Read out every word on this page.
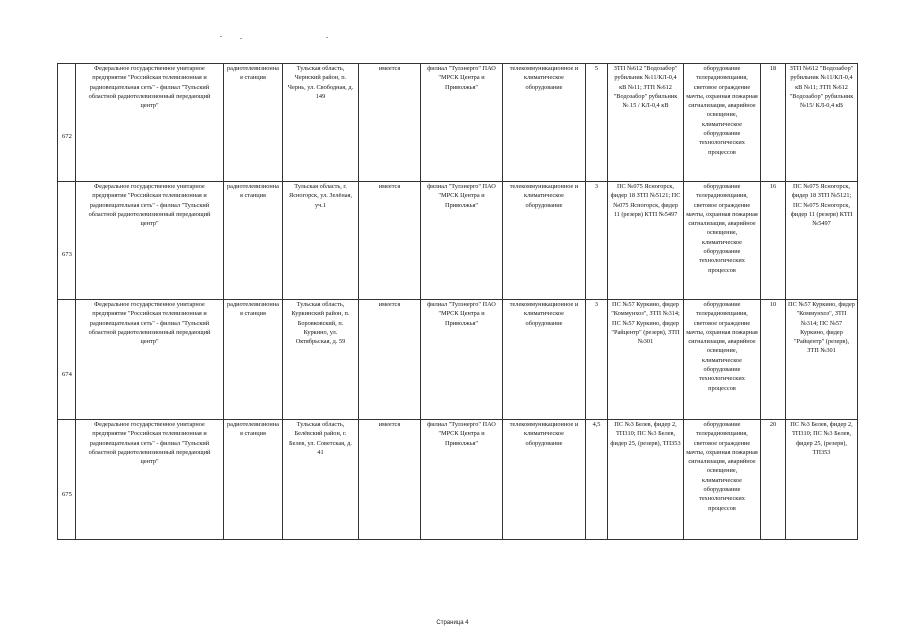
672	Федеральное государственное унитарное предприятие "Российская телевизионная и радиовещательная сеть" - филиал "Тульский областной радиотелевизионный передающий центр"	радиотелевизионная станция	Тульская область, Чернский район, п. Чернь, ул. Свободная, д. 149	имеется	филиал "Тулэнерго" ПАО "МРСК Центра и Приволжья"	телекоммуникационное и климатическое оборудование	5	ЗТП №612 "Водозабор" рубильник №11/КЛ-0,4 кВ №11; ЗТП №612 "Водозабор" рубильник № 15 / КЛ-0,4 кВ	оборудование телерадиовещания, световое ограждение мачты, охранная пожарная сигнализация, аварийное освещение, климатическое оборудование технологических процессов	18	ЗТП №612 "Водозабор" рубильник №11/КЛ-0,4 кВ №11; ЗТП №612 "Водозабор" рубильник №15/ КЛ-0,4 кВ
673	Федеральное государственное унитарное предприятие "Российская телевизионная и радиовещательная сеть" - филиал "Тульский областной радиотелевизионный передающий центр"	радиотелевизионная станция	Тульская область, г. Ясногорск, ул. Зелёная, уч.1	имеется	филиал "Тулэнерго" ПАО "МРСК Центра и Приволжья"	телекоммуникационное и климатическое оборудование	3	ПС №075 Ясногорск, фидер 18 ЗТП №5121; ПС №075 Ясногорск, фидер 11 (резерв) КТП №5497	оборудование телерадиовещания, световое ограждение мачты, охранная пожарная сигнализация, аварийное освещение, климатическое оборудование технологических процессов	16	ПС №075 Ясногорск, фидер 18 ЗТП №5121; ПС №075 Ясногорск, фидер 11 (резерв) КТП №5497
674	Федеральное государственное унитарное предприятие "Российская телевизионная и радиовещательная сеть" - филиал "Тульский областной радиотелевизионный передающий центр"	радиотелевизионная станция	Тульская область, Куркинский район, п. Боровковский, п. Куркино, ул. Октябрьская, д. 59	имеется	филиал "Тулэнерго" ПАО "МРСК Центра и Приволжья"	телекоммуникационное и климатическое оборудование	3	ПС №57 Куркино, фидер "Коммунхоз", ЗТП №314; ПС №57 Куркино, фидер "Райцентр" (резерв), ЗТП №301	оборудование телерадиовещания, световое ограждение мачты, охранная пожарная сигнализация, аварийное освещение, климатическое оборудование технологических процессов	10	ПС №57 Куркино, фидер "Коммунхоз", ЗТП №314; ПС №57 Куркино, фидер "Райцентр" (резерв), ЗТП №301
675	Федеральное государственное унитарное предприятие "Российская телевизионная и радиовещательная сеть" - филиал "Тульский областной радиотелевизионный передающий центр"	радиотелевизионная станция	Тульская область, Белёвский район, г. Белев, ул. Советская, д. 41	имеется	филиал "Тулэнерго" ПАО "МРСК Центра и Приволжья"	телекоммуникационное и климатическое оборудование	4,5	ПС №3 Белев, фидер 2, ТП310; ПС №3 Белев, фидер 25, (резерв), ТП353	оборудование телерадиовещания, световое ограждение мачты, охранная пожарная сигнализация, аварийное освещение, климатическое оборудование технологических процессов	20	ПС №3 Белев, фидер 2, ТП310; ПС №3 Белев, фидер 25, (резерв), ТП353
Страница 4
